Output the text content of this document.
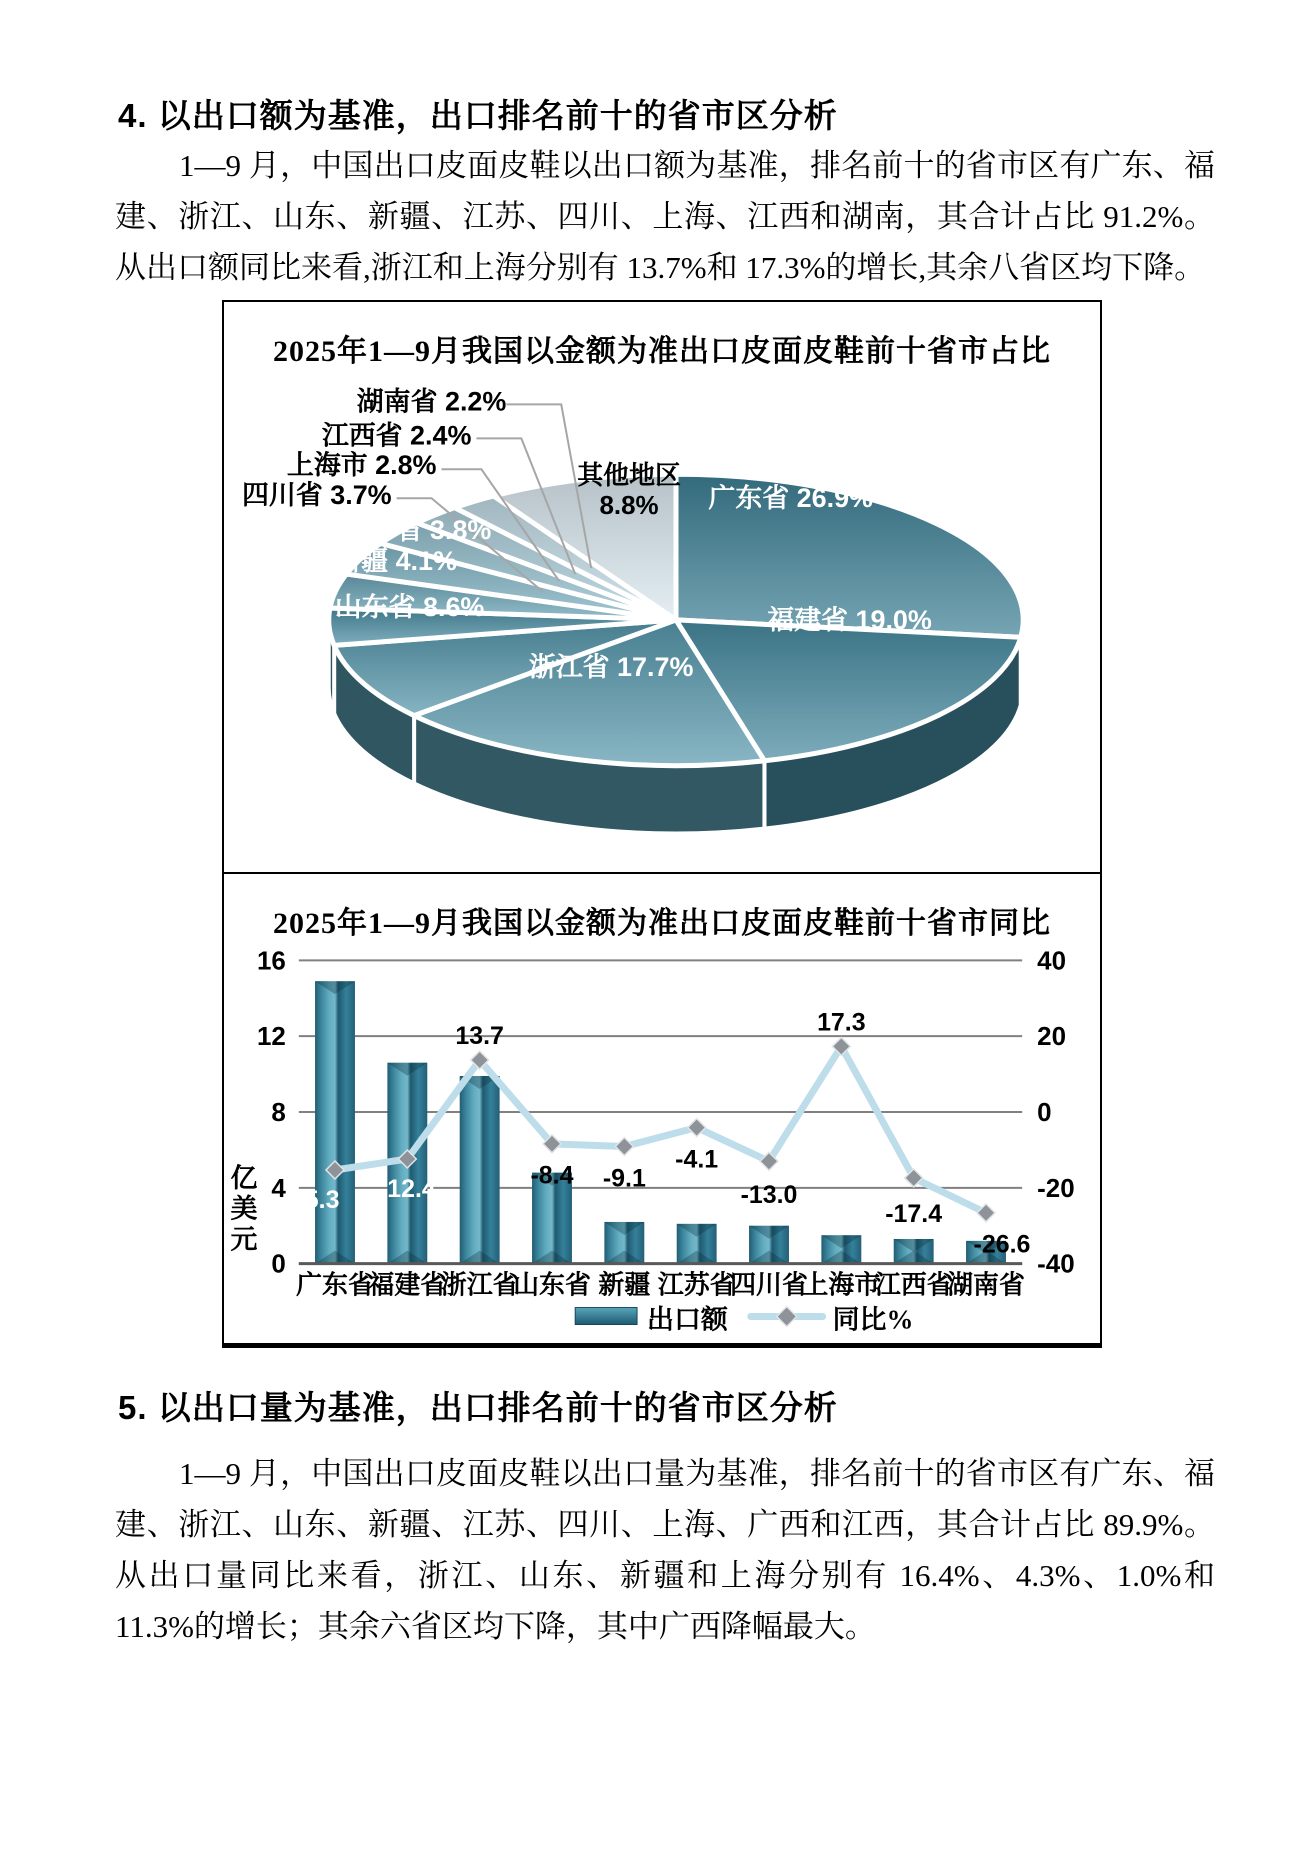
4. 以出口额为基准，出口排名前十的省市区分析
1—9 月，中国出口皮面皮鞋以出口额为基准，排名前十的省市区有广东、福建、浙江、山东、新疆、江苏、四川、上海、江西和湖南，其合计占比 91.2%。从出口额同比来看,浙江和上海分别有 13.7%和 17.3%的增长,其余八省区均下降。
2025年1—9月我国以金额为准出口皮面皮鞋前十省市占比
广东省 26.9%
福建省 19.0%
浙江省 17.7%
山东省 8.6%
新疆 4.1%
江苏省 3.8%
四川省 3.7%
上海市 2.8%
江西省 2.4%
湖南省 2.2%
其他地区
8.8%
2025年1—9月我国以金额为准出口皮面皮鞋前十省市同比
0
4
8
12
16
-40
-20
0
20
40
亿
美
元
-15.3 -12.4
13.7
-8.4 -9.1
-4.1
-13.0
17.3
-17.4
-26.6
广东省
福建省
浙江省
山东省 新疆 江苏省
四川省
上海市
江西省
湖南省
出口额	同比%
5. 以出口量为基准，出口排名前十的省市区分析
1—9 月，中国出口皮面皮鞋以出口量为基准，排名前十的省市区有广东、福建、浙江、山东、新疆、江苏、四川、上海、广西和江西，其合计占比 89.9%。从出口量同比来看，浙江、山东、新疆和上海分别有 16.4%、4.3%、1.0%和 11.3%的增长；其余六省区均下降，其中广西降幅最大。
